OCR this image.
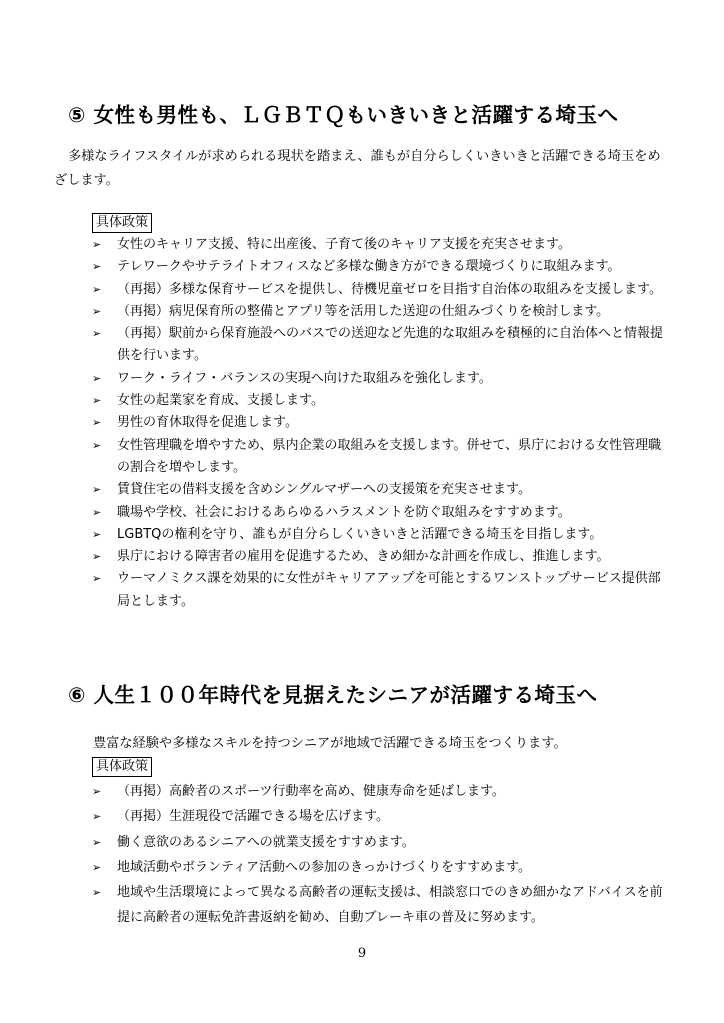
⑤ 女性も男性も、ＬＧＢＴＱもいきいきと活躍する埼玉へ

多様なライフスタイルが求められる現状を踏まえ、誰もが自分らしくいきいきと活躍できる埼玉をめざします。

具体政策
➢ 女性のキャリア支援、特に出産後、子育て後のキャリア支援を充実させます。
➢ テレワークやサテライトオフィスなど多様な働き方ができる環境づくりに取組みます。
➢ （再掲）多様な保育サービスを提供し、待機児童ゼロを目指す自治体の取組みを支援します。
➢ （再掲）病児保育所の整備とアプリ等を活用した送迎の仕組みづくりを検討します。
➢ （再掲）駅前から保育施設へのバスでの送迎など先進的な取組みを積極的に自治体へと情報提供を行います。
➢ ワーク・ライフ・バランスの実現へ向けた取組みを強化します。
➢ 女性の起業家を育成、支援します。
➢ 男性の育休取得を促進します。
➢ 女性管理職を増やすため、県内企業の取組みを支援します。併せて、県庁における女性管理職の割合を増やします。
➢ 賃貸住宅の借料支援を含めシングルマザーへの支援策を充実させます。
➢ 職場や学校、社会におけるあらゆるハラスメントを防ぐ取組みをすすめます。
➢ LGBTQの権利を守り、誰もが自分らしくいきいきと活躍できる埼玉を目指します。
➢ 県庁における障害者の雇用を促進するため、きめ細かな計画を作成し、推進します。
➢ ウーマノミクス課を効果的に女性がキャリアアップを可能とするワンストップサービス提供部局とします。
⑥ 人生１００年時代を見据えたシニアが活躍する埼玉へ

豊富な経験や多様なスキルを持つシニアが地域で活躍できる埼玉をつくります。

具体政策
➢ （再掲）高齢者のスポーツ行動率を高め、健康寿命を延ばします。
➢ （再掲）生涯現役で活躍できる場を広げます。
➢ 働く意欲のあるシニアへの就業支援をすすめます。
➢ 地域活動やボランティア活動への参加のきっかけづくりをすすめます。
➢ 地域や生活環境によって異なる高齢者の運転支援は、相談窓口でのきめ細かなアドバイスを前提に高齢者の運転免許書返納を勧め、自動ブレーキ車の普及に努めます。
9
